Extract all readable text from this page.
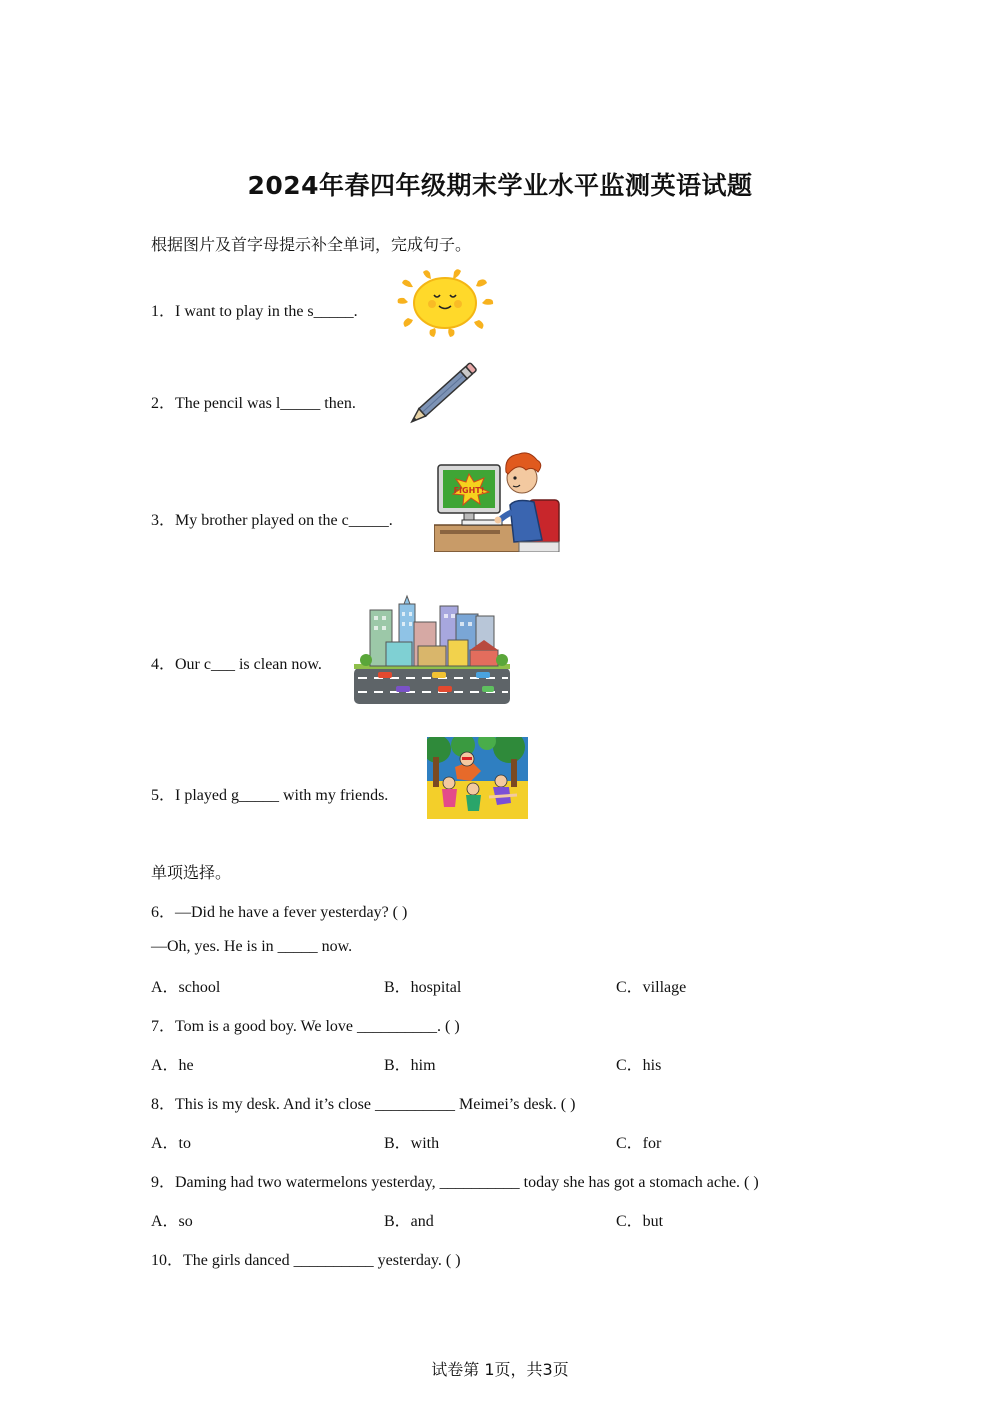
2024年春四年级期末学业水平监测英语试题
根据图片及首字母提示补全单词，完成句子。
1．I want to play in the s_____.
2．The pencil was l_____ then.
3．My brother played on the c_____.
FIGHT!
4．Our c___ is clean now.
5．I played g_____ with my friends.
单项选择。
6．—Did he have a fever yesterday? ( )
—Oh, yes. He is in _____ now.
A．school	B．hospital	C．village
7．Tom is a good boy. We love __________. ( )
A．he	B．him	C．his
8．This is my desk. And it’s close __________ Meimei’s desk. ( )
A．to	B．with	C．for
9．Daming had two watermelons yesterday, __________ today she has got a stomach ache. ( )
A．so	B．and	C．but
10．The girls danced __________ yesterday. ( )
试卷第 1页，共3页
